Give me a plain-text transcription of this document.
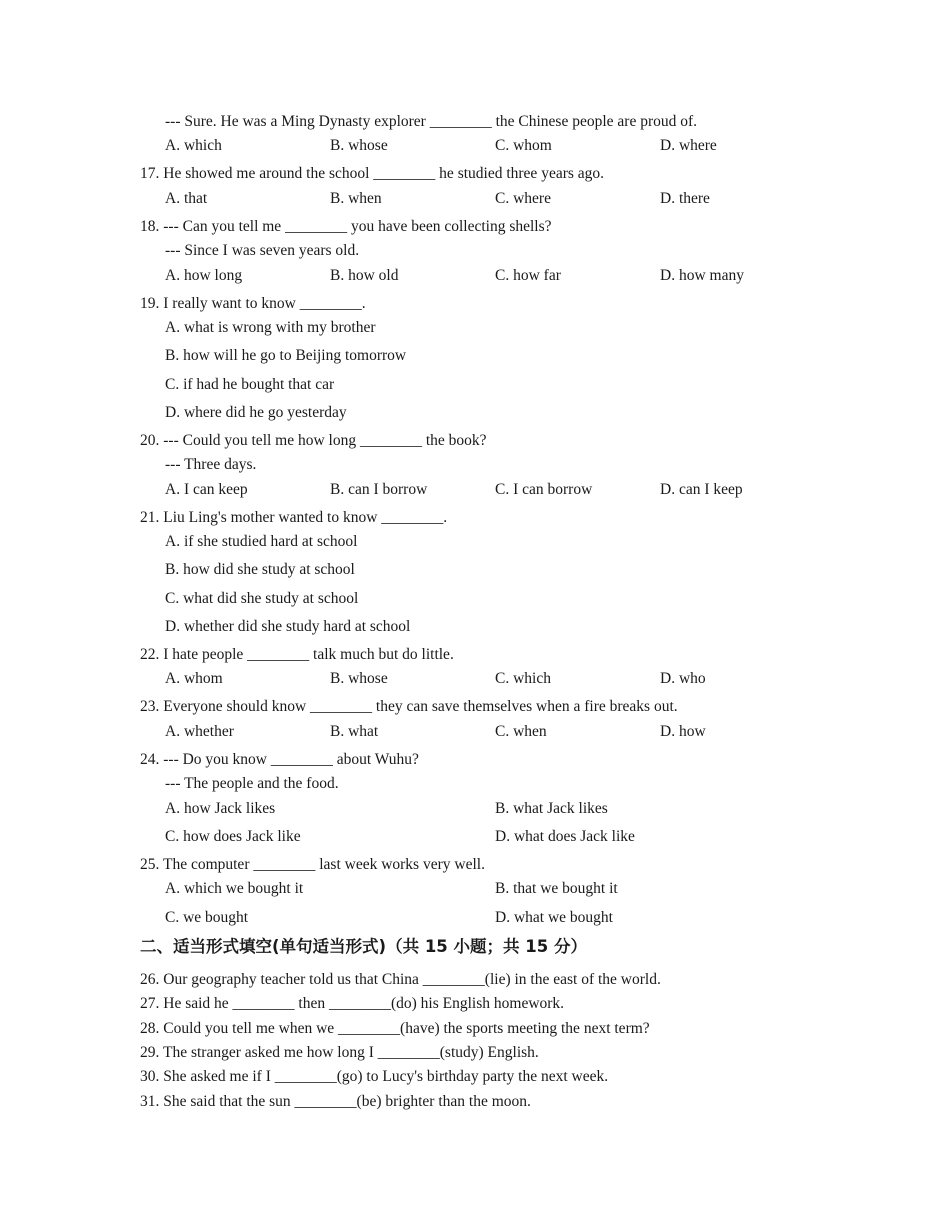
--- Sure. He was a Ming Dynasty explorer ________ the Chinese people are proud of.
A. which	B. whose	C. whom	D. where
17. He showed me around the school ________ he studied three years ago.
A. that	B. when	C. where	D. there
18. --- Can you tell me ________ you have been collecting shells?
--- Since I was seven years old.
A. how long	B. how old	C. how far	D. how many
19. I really want to know ________.
A. what is wrong with my brother
B. how will he go to Beijing tomorrow
C. if had he bought that car
D. where did he go yesterday
20. --- Could you tell me how long ________ the book?
--- Three days.
A. I can keep	B. can I borrow	C. I can borrow	D. can I keep
21. Liu Ling's mother wanted to know ________.
A. if she studied hard at school
B. how did she study at school
C. what did she study at school
D. whether did she study hard at school
22. I hate people ________ talk much but do little.
A. whom	B. whose	C. which	D. who
23. Everyone should know ________ they can save themselves when a fire breaks out.
A. whether	B. what	C. when	D. how
24. --- Do you know ________ about Wuhu?
--- The people and the food.
A. how Jack likes	B. what Jack likes
C. how does Jack like	D. what does Jack like
25. The computer ________ last week works very well.
A. which we bought it	B. that we bought it
C. we bought	D. what we bought
二、适当形式填空(单句适当形式)（共 15 小题；共 15 分）
26. Our geography teacher told us that China ________(lie) in the east of the world.
27. He said he ________ then ________(do) his English homework.
28. Could you tell me when we ________(have) the sports meeting the next term?
29. The stranger asked me how long I ________(study) English.
30. She asked me if I ________(go) to Lucy's birthday party the next week.
31. She said that the sun ________(be) brighter than the moon.
